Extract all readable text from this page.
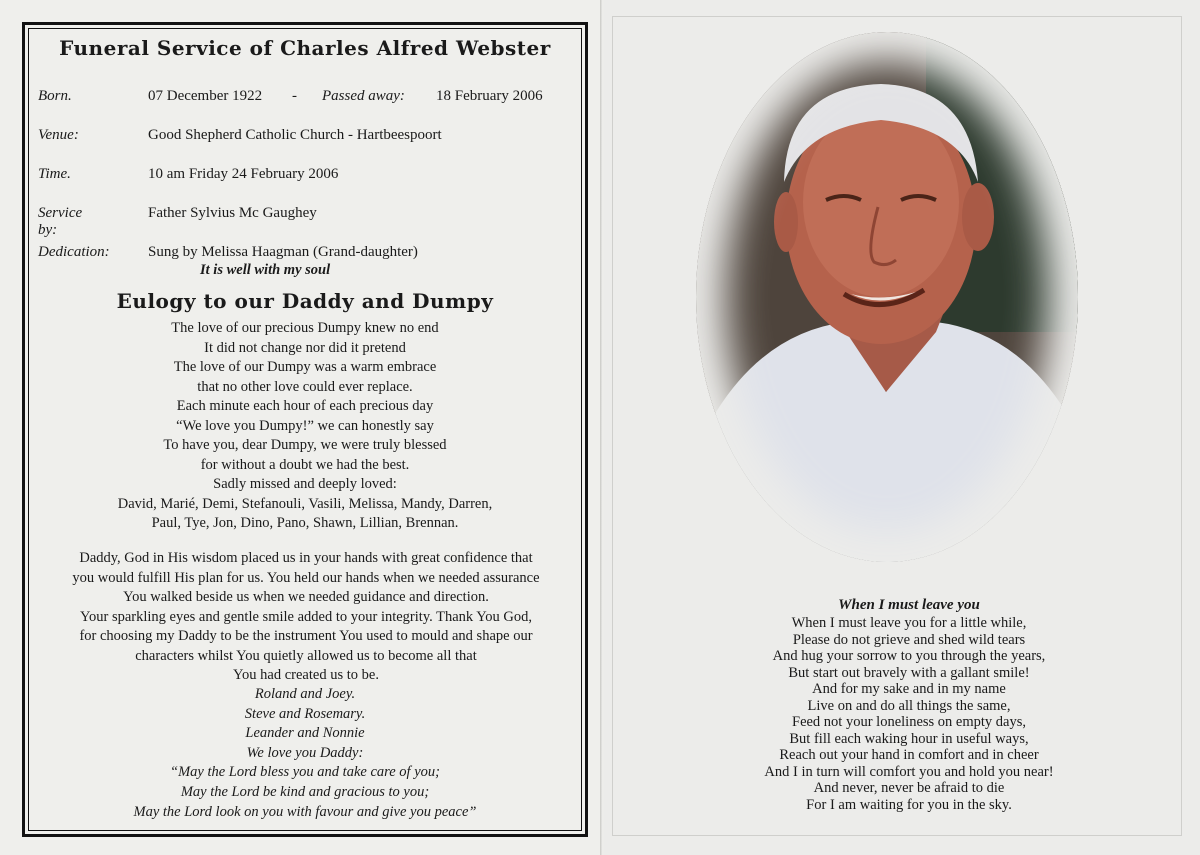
Funeral Service of Charles Alfred Webster
Born.	07 December 1922 - Passed away: 18 February 2006
Venue:	Good Shepherd Catholic Church - Hartbeespoort
Time.	10 am Friday 24 February 2006
Service by:
Father Sylvius Mc Gaughey
Dedication:	Sung by Melissa Haagman (Grand-daughter)
It is well with my soul
Eulogy to our Daddy and Dumpy
The love of our precious Dumpy knew no end
It did not change nor did it pretend
The love of our Dumpy was a warm embrace
that no other love could ever replace.
Each minute each hour of each precious day
“We love you Dumpy!” we can honestly say
To have you, dear Dumpy, we were truly blessed
for without a doubt we had the best.
Sadly missed and deeply loved:
David, Marié, Demi, Stefanouli, Vasili, Melissa, Mandy, Darren,
Paul, Tye, Jon, Dino, Pano, Shawn, Lillian, Brennan.
Daddy, God in His wisdom placed us in your hands with great confidence that
you would fulfill His plan for us. You held our hands when we needed assurance
You walked beside us when we needed guidance and direction.
Your sparkling eyes and gentle smile added to your integrity. Thank You God,
for choosing my Daddy to be the instrument You used to mould and shape our
characters whilst You quietly allowed us to become all that
You had created us to be.
Roland and Joey.
Steve and Rosemary.
Leander and Nonnie
We love you Daddy:
“May the Lord bless you and take care of you;
May the Lord be kind and gracious to you;
May the Lord look on you with favour and give you peace”
When I must leave you
When I must leave you for a little while,
Please do not grieve and shed wild tears
And hug your sorrow to you through the years,
But start out bravely with a gallant smile!
And for my sake and in my name
Live on and do all things the same,
Feed not your loneliness on empty days,
But fill each waking hour in useful ways,
Reach out your hand in comfort and in cheer
And I in turn will comfort you and hold you near!
And never, never be afraid to die
For I am waiting for you in the sky.
